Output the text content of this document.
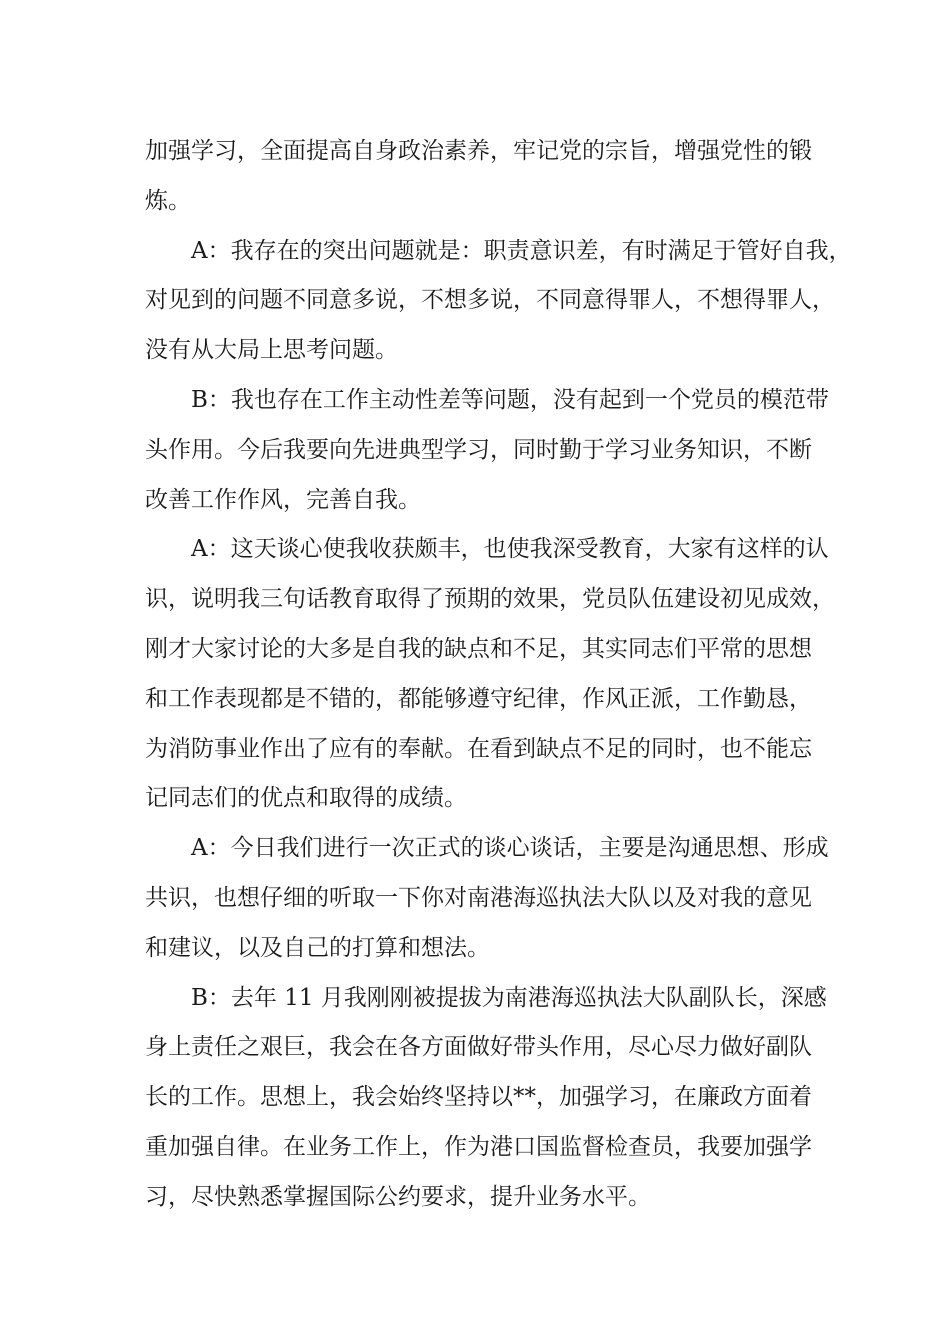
加强学习，全面提高自身政治素养，牢记党的宗旨，增强党性的锻
炼。
A：我存在的突出问题就是：职责意识差，有时满足于管好自我，
对见到的问题不同意多说，不想多说，不同意得罪人，不想得罪人，
没有从大局上思考问题。
B：我也存在工作主动性差等问题，没有起到一个党员的模范带
头作用。今后我要向先进典型学习，同时勤于学习业务知识，不断
改善工作作风，完善自我。
A：这天谈心使我收获颇丰，也使我深受教育，大家有这样的认
识，说明我三句话教育取得了预期的效果，党员队伍建设初见成效，
刚才大家讨论的大多是自我的缺点和不足，其实同志们平常的思想
和工作表现都是不错的，都能够遵守纪律，作风正派，工作勤恳，
为消防事业作出了应有的奉献。在看到缺点不足的同时，也不能忘
记同志们的优点和取得的成绩。
A：今日我们进行一次正式的谈心谈话，主要是沟通思想、形成
共识，也想仔细的听取一下你对南港海巡执法大队以及对我的意见
和建议，以及自己的打算和想法。
B：去年 11 月我刚刚被提拔为南港海巡执法大队副队长，深感
身上责任之艰巨，我会在各方面做好带头作用，尽心尽力做好副队
长的工作。思想上，我会始终坚持以**，加强学习，在廉政方面着
重加强自律。在业务工作上，作为港口国监督检查员，我要加强学
习，尽快熟悉掌握国际公约要求，提升业务水平。
